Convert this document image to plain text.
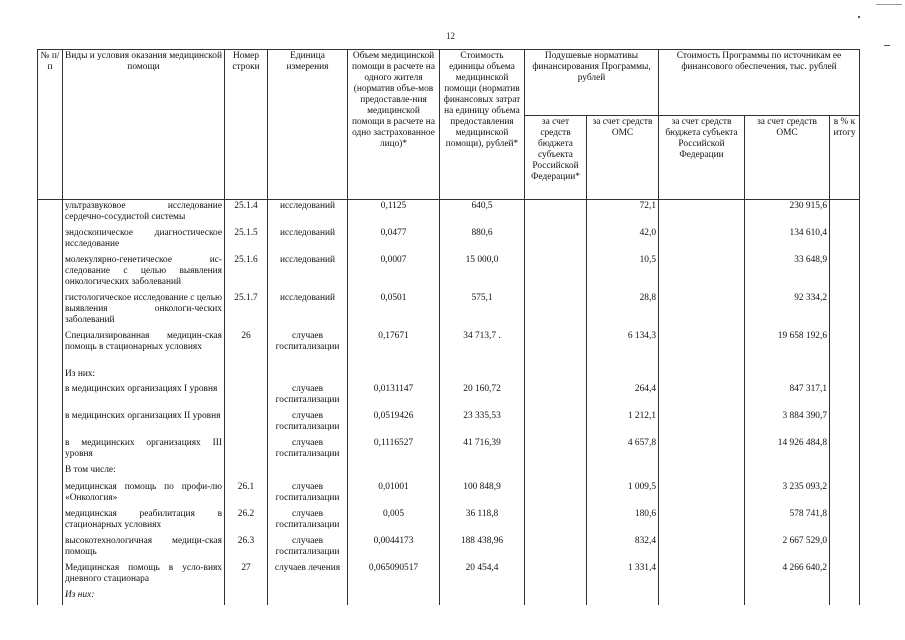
12
№ п/п	Виды и условия оказания медицинской помощи	Номер строки	Единица измерения	Объем медицинской помощи в расчете на одного жителя (норматив объе-мов предоставле-ния медицинской помощи в расчете на одно застрахованное лицо)*	Стоимость единицы объема медицинской помощи (норматив финансовых затрат на единицу объема предоставления медицинской помощи), рублей*	Подушевые нормативы финансирования Программы, рублей		Стоимость Программы по источникам ее финансового обеспечения, тыс. рублей		
						за счет средств бюджета субъекта Российской Федерации*	за счет средств ОМС	за счет средств бюджета субъекта Российской Федерации	за счет средств ОМС	в % к итогу
	ультразвуковое исследование сердечно-сосудистой системы	25.1.4	исследований	0,1125	640,5		72,1		230 915,6	
	эндоскопическое диагностическое исследование	25.1.5	исследований	0,0477	880,6		42,0		134 610,4	
	молекулярно-генетическое ис-следование с целью выявления онкологических заболеваний	25.1.6	исследований	0,0007	15 000,0		10,5		33 648,9	
	гистологическое исследование с целью выявления онкологи-ческих заболеваний	25.1.7	исследований	0,0501	575,1		28,8		92 334,2	
	Специализированная медицин-ская помощь в стационарных условиях	26	случаев госпитализации	0,17671	34 713,7 .		6 134,3		19 658 192,6	
	Из них:									
	в медицинских организациях I уровня		случаев госпитализации	0,0131147	20 160,72		264,4		847 317,1	
	в медицинских организациях II уровня		случаев госпитализации	0,0519426	23 335,53		1 212,1		3 884 390,7	
	в медицинских организациях III уровня		случаев госпитализации	0,1116527	41 716,39		4 657,8		14 926 484,8	
	В том числе:									
	медицинская помощь по профи-лю «Онкология»	26.1	случаев госпитализации	0,01001	100 848,9		1 009,5		3 235 093,2	
	медицинская реабилитация в стационарных условиях	26.2	случаев госпитализации	0,005	36 118,8		180,6		578 741,8	
	высокотехнологичная медици-ская помощь	26.3	случаев госпитализации	0,0044173	188 438,96		832,4		2 667 529,0	
	Медицинская помощь в усло-виях дневного стационара	27	случаев лечения	0,065090517	20 454,4		1 331,4		4 266 640,2	
	Из них:									
